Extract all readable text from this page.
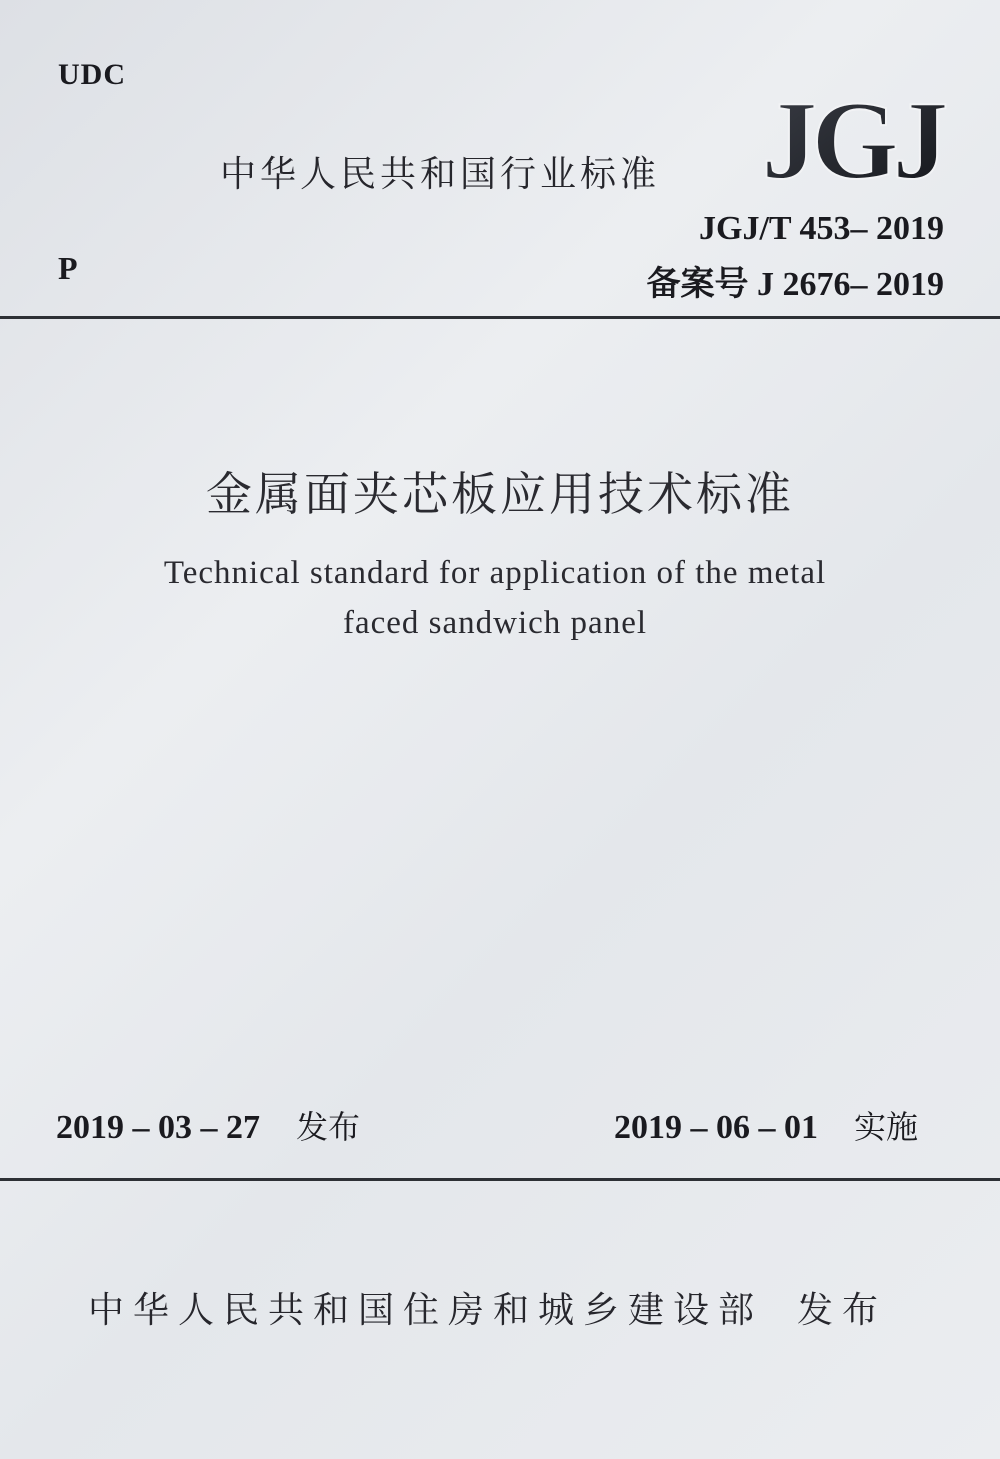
UDC
中华人民共和国行业标准 JGJ
JGJ/T 453– 2019
P	备案号 J 2676– 2019
金属面夹芯板应用技术标准
Technical standard for application of the metal
faced sandwich panel
2019 – 03 – 27 发布	2019 – 06 – 01 实施
中华人民共和国住房和城乡建设部 发布
